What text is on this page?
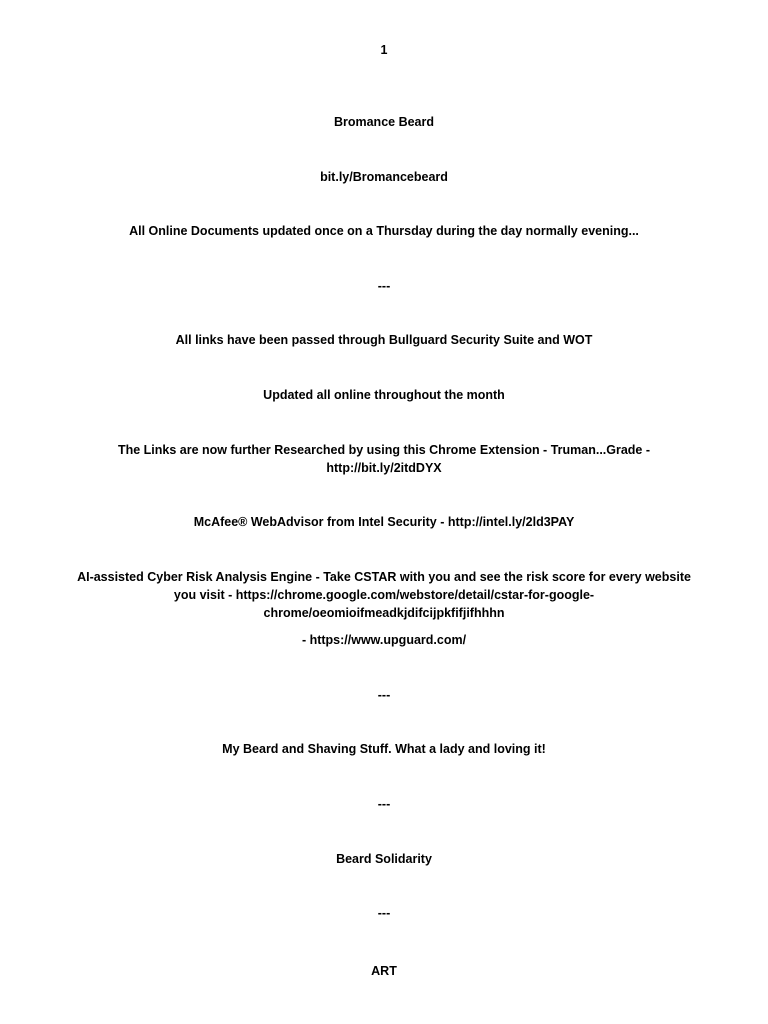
1
Bromance Beard
bit.ly/Bromancebeard
All Online Documents updated once on a Thursday during the day normally evening...
---
All links have been passed through Bullguard Security Suite and WOT
Updated all online throughout the month
The Links are now further Researched by using this Chrome Extension - Truman...Grade -
http://bit.ly/2itdDYX
McAfee® WebAdvisor from Intel Security - http://intel.ly/2ld3PAY
AI-assisted Cyber Risk Analysis Engine - Take CSTAR with you and see the risk score for every website
you visit - https://chrome.google.com/webstore/detail/cstar-for-google-
chrome/oeomioifmeadkjdifcijpkfifjifhhhn
- https://www.upguard.com/
---
My Beard and Shaving Stuff. What a lady and loving it!
---
Beard Solidarity
---
ART
